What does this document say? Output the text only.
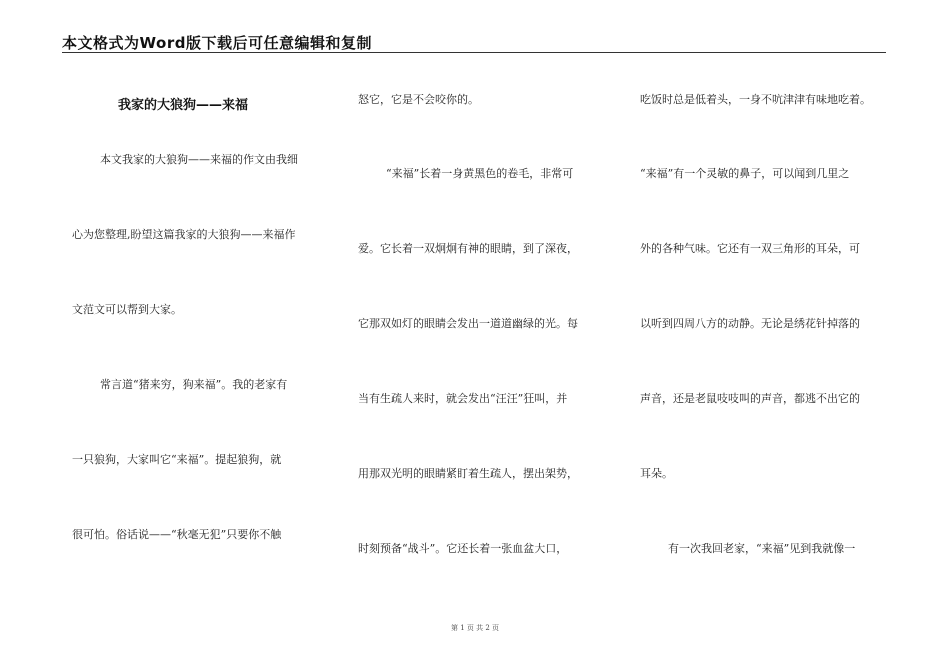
本文格式为Word版下载后可任意编辑和复制
我家的大狼狗——来福
本文我家的大狼狗——来福的作文由我细
心为您整理,盼望这篇我家的大狼狗——来福作
文范文可以帮到大家。
常言道“猪来穷，狗来福”。我的老家有
一只狼狗，大家叫它“来福”。提起狼狗，就
很可怕。俗话说——“秋毫无犯”只要你不触
怒它，它是不会咬你的。
“来福”长着一身黄黑色的卷毛，非常可
爱。它长着一双炯炯有神的眼睛，到了深夜，
它那双如灯的眼睛会发出一道道幽绿的光。每
当有生疏人来时，就会发出“汪汪”狂叫，并
用那双光明的眼睛紧盯着生疏人，摆出架势，
时刻预备“战斗”。它还长着一张血盆大口，
吃饭时总是低着头，一身不吭津津有味地吃着。
“来福”有一个灵敏的鼻子，可以闻到几里之
外的各种气味。它还有一双三角形的耳朵，可
以听到四周八方的动静。无论是绣花针掉落的
声音，还是老鼠吱吱叫的声音，都逃不出它的
耳朵。
有一次我回老家，“来福”见到我就像一
第 1 页 共 2 页
